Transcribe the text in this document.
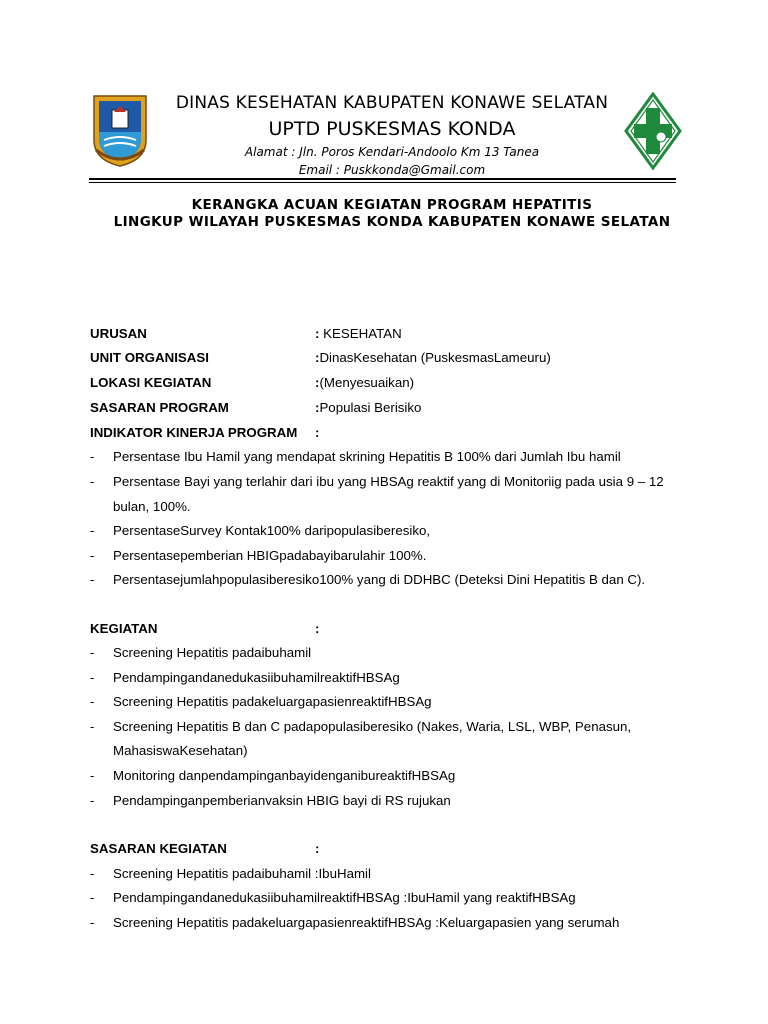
DINAS KESEHATAN KABUPATEN KONAWE SELATAN
UPTD PUSKESMAS KONDA
Alamat : Jln. Poros Kendari-Andoolo Km 13 Tanea
Email : Puskkonda@Gmail.com
KERANGKA ACUAN KEGIATAN PROGRAM HEPATITIS
LINGKUP WILAYAH PUSKESMAS KONDA KABUPATEN KONAWE SELATAN
URUSAN	: KESEHATAN
UNIT ORGANISASI	:DinasKesehatan (PuskesmasLameuru)
LOKASI KEGIATAN	:(Menyesuaikan)
SASARAN PROGRAM	:Populasi Berisiko
INDIKATOR KINERJA PROGRAM :
- Persentase Ibu Hamil yang mendapat skrining Hepatitis B 100% dari Jumlah Ibu hamil
- Persentase Bayi yang terlahir dari ibu yang HBSAg reaktif yang di Monitoriig pada usia 9 – 12
bulan, 100%.
- PersentaseSurvey Kontak100% daripopulasiberesiko,
- Persentasepemberian HBIGpadabayibarulahir 100%.
- Persentasejumlahpopulasiberesiko100% yang di DDHBC (Deteksi Dini Hepatitis B dan C).
KEGIATAN	:
- Screening Hepatitis padaibuhamil
- PendampingandanedukasiibuhamilreaktifHBSAg
- Screening Hepatitis padakeluargapasienreaktifHBSAg
- Screening Hepatitis B dan C padapopulasiberesiko (Nakes, Waria, LSL, WBP, Penasun,
MahasiswaKesehatan)
- Monitoring danpendampinganbayidenganibureaktifHBSAg
- Pendampinganpemberianvaksin HBIG bayi di RS rujukan
SASARAN KEGIATAN	:
- Screening Hepatitis padaibuhamil :IbuHamil
- PendampingandanedukasiibuhamilreaktifHBSAg :IbuHamil yang reaktifHBSAg
- Screening Hepatitis padakeluargapasienreaktifHBSAg :Keluargapasien yang serumah
